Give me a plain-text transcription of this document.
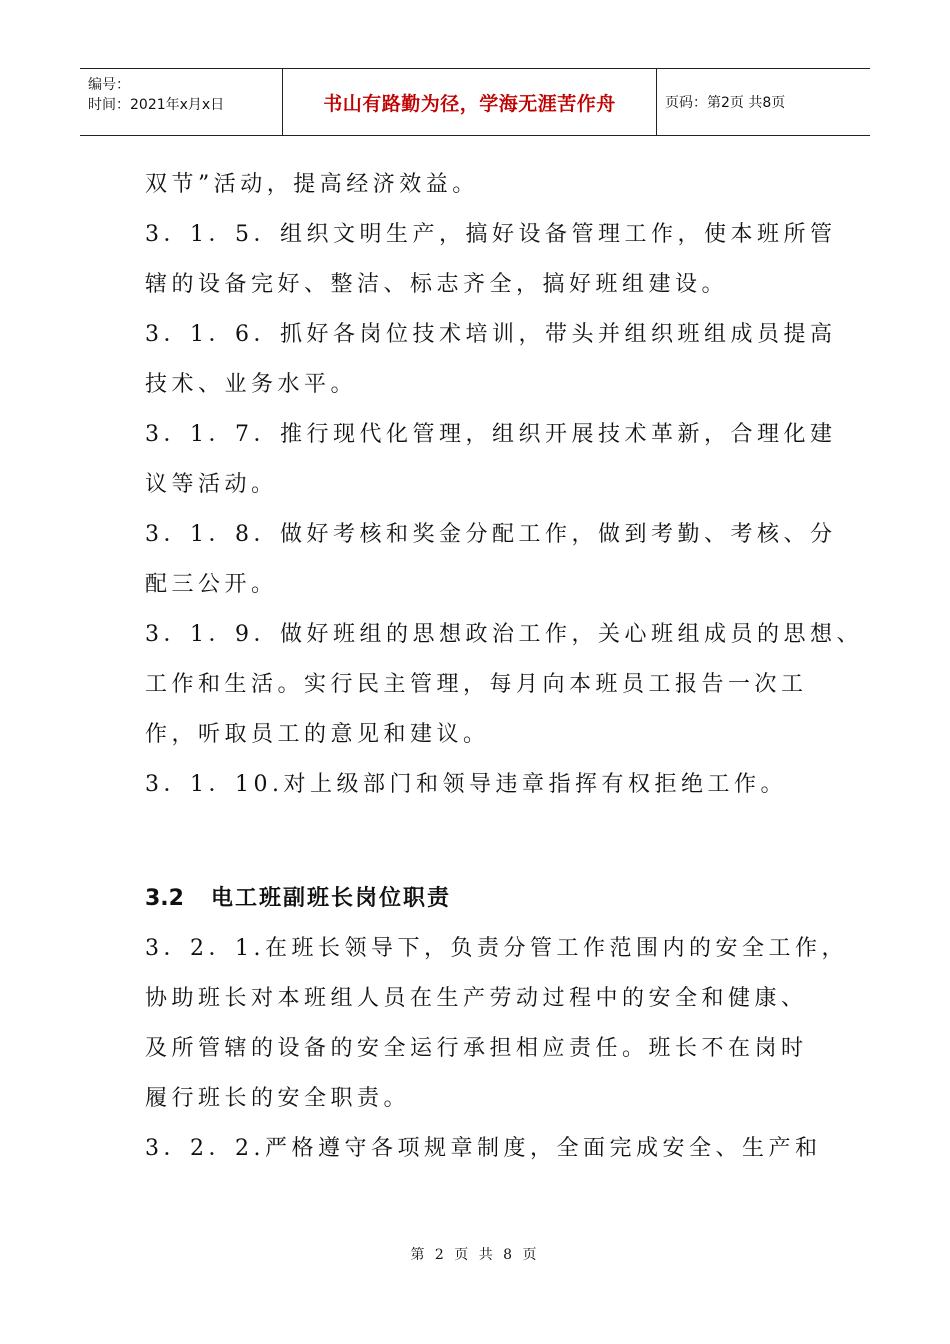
编号：
时间：2021年x月x日	书山有路勤为径，学海无涯苦作舟	页码：第2页 共8页
双节”活动，提高经济效益。
3．1．5．组织文明生产，搞好设备管理工作，使本班所管
辖的设备完好、整洁、标志齐全，搞好班组建设。
3．1．6．抓好各岗位技术培训，带头并组织班组成员提高
技术、业务水平。
3．1．7．推行现代化管理，组织开展技术革新，合理化建
议等活动。
3．1．8．做好考核和奖金分配工作，做到考勤、考核、分
配三公开。
3．1．9．做好班组的思想政治工作，关心班组成员的思想、
工作和生活。实行民主管理，每月向本班员工报告一次工
作，听取员工的意见和建议。
3．1．10.对上级部门和领导违章指挥有权拒绝工作。
3.2 电工班副班长岗位职责
3．2．1.在班长领导下，负责分管工作范围内的安全工作，
协助班长对本班组人员在生产劳动过程中的安全和健康、
及所管辖的设备的安全运行承担相应责任。班长不在岗时
履行班长的安全职责。
3．2．2.严格遵守各项规章制度，全面完成安全、生产和
第 2 页 共 8 页
